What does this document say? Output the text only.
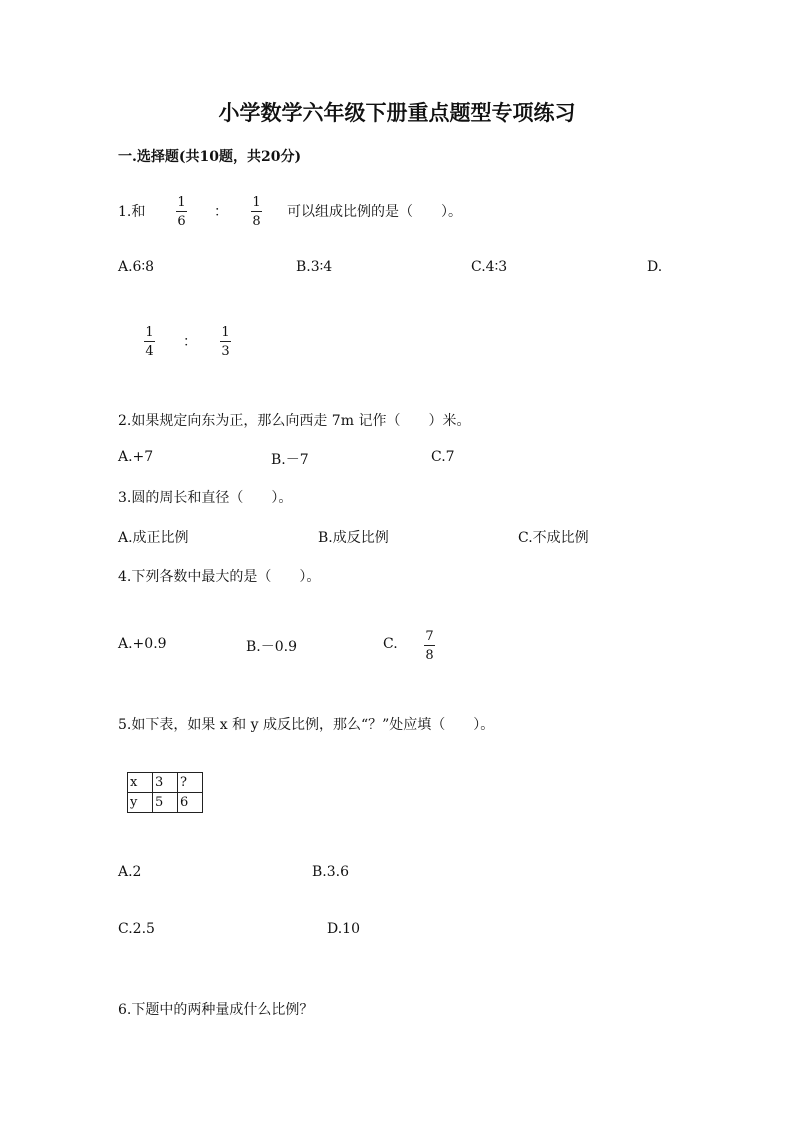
小学数学六年级下册重点题型专项练习
一.选择题(共10题，共20分)
1.和
1
6
：
1
8
可以组成比例的是（　　）。
A.6∶8	B.3∶4	C.4∶3	D.
1
4
：
1
3
2.如果规定向东为正，那么向西走 7m 记作（　　）米。
A.+7	B.－7	C.7
3.圆的周长和直径（　　）。
A.成正比例	B.成反比例	C.不成比例
4.下列各数中最大的是（　　）。
A.+0.9	B.－0.9	C. 7
8
5.如下表，如果 x 和 y 成反比例，那么“？”处应填（　　）。
x	3	?
y	5	6
A.2	B.3.6
C.2.5	D.10
6.下题中的两种量成什么比例？
